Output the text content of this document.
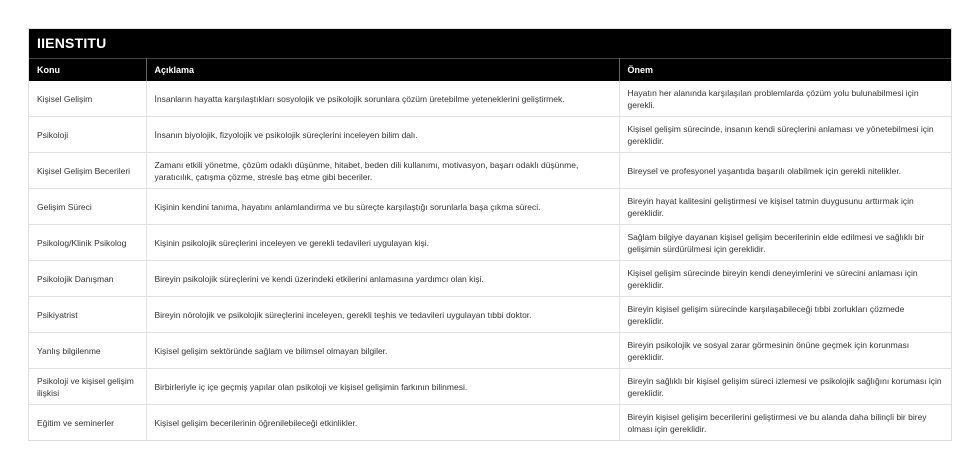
IIENSTITU
Konu	Açıklama	Önem
Kişisel Gelişim	İnsanların hayatta karşılaştıkları sosyolojik ve psikolojik sorunlara çözüm üretebilme yeteneklerini geliştirmek.	Hayatın her alanında karşılaşılan problemlarda çözüm yolu bulunabilmesi için gerekli.
Psikoloji	İnsanın biyolojik, fizyolojik ve psikolojik süreçlerini inceleyen bilim dalı.	Kişisel gelişim sürecinde, insanın kendi süreçlerini anlaması ve yönetebilmesi için gereklidir.
Kişisel Gelişim Becerileri	Zamanı etkili yönetme, çözüm odaklı düşünme, hitabet, beden dili kullanımı, motivasyon, başarı odaklı düşünme, yaratıcılık, çatışma çözme, stresle baş etme gibi beceriler.	Bireysel ve profesyonel yaşantıda başarılı olabilmek için gerekli nitelikler.
Gelişim Süreci	Kişinin kendini tanıma, hayatını anlamlandırma ve bu süreçte karşılaştığı sorunlarla başa çıkma süreci.	Bireyin hayat kalitesini geliştirmesi ve kişisel tatmin duygusunu arttırmak için gereklidir.
Psikolog/Klinik Psikolog	Kişinin psikolojik süreçlerini inceleyen ve gerekli tedavileri uygulayan kişi.	Sağlam bilgiye dayanan kişisel gelişim becerilerinin elde edilmesi ve sağlıklı bir gelişimin sürdürülmesi için gereklidir.
Psikolojik Danışman	Bireyin psikolojik süreçlerini ve kendi üzerindeki etkilerini anlamasına yardımcı olan kişi.	Kişisel gelişim sürecinde bireyin kendi deneyimlerini ve sürecini anlaması için gereklidir.
Psikiyatrist	Bireyin nörolojik ve psikolojik süreçlerini inceleyen, gerekli teşhis ve tedavileri uygulayan tıbbi doktor.	Bireyin kişisel gelişim sürecinde karşılaşabileceği tıbbi zorlukları çözmede gereklidir.
Yanlış bilgilenme	Kişisel gelişim sektöründe sağlam ve bilimsel olmayan bilgiler.	Bireyin psikolojik ve sosyal zarar görmesinin önüne geçmek için korunması gereklidir.
Psikoloji ve kişisel gelişim ilişkisi	Birbirleriyle iç içe geçmiş yapılar olan psikoloji ve kişisel gelişimin farkının bilinmesi.	Bireyin sağlıklı bir kişisel gelişim süreci izlemesi ve psikolojik sağlığını koruması için gereklidir.
Eğitim ve seminerler	Kişisel gelişim becerilerinin öğrenilebileceği etkinlikler.	Bireyin kişisel gelişim becerilerini geliştirmesi ve bu alanda daha bilinçli bir birey olması için gereklidir.
